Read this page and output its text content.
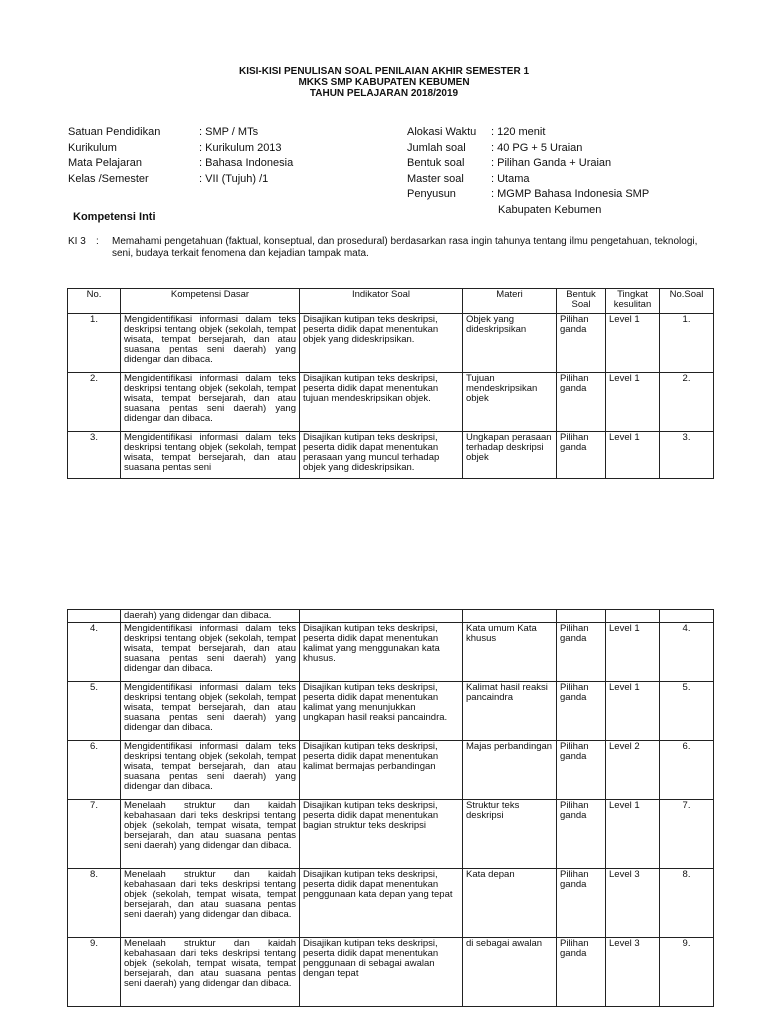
KISI-KISI PENULISAN SOAL PENILAIAN AKHIR SEMESTER 1
MKKS SMP KABUPATEN KEBUMEN
TAHUN PELAJARAN 2018/2019
Satuan Pendidikan	: SMP / MTs
Kurikulum	: Kurikulum 2013
Mata Pelajaran	: Bahasa Indonesia
Kelas /Semester	: VII (Tujuh) /1
Alokasi Waktu	: 120 menit
Jumlah soal	: 40 PG + 5 Uraian
Bentuk soal	: Pilihan Ganda + Uraian
Master soal	: Utama
Penyusun	: MGMP Bahasa Indonesia SMP
Kabupaten Kebumen
Kompetensi Inti
KI 3	:	Memahami pengetahuan (faktual, konseptual, dan prosedural) berdasarkan rasa ingin tahunya tentang ilmu pengetahuan, teknologi, seni, budaya terkait fenomena dan kejadian tampak mata.
No.	Kompetensi Dasar	Indikator Soal	Materi	Bentuk Soal	Tingkat kesulitan	No.Soal
1.	Mengidentifikasi informasi dalam teks deskripsi tentang objek (sekolah, tempat wisata, tempat bersejarah, dan atau suasana pentas seni daerah) yang didengar dan dibaca.	Disajikan kutipan teks deskripsi, peserta didik dapat menentukan objek yang dideskripsikan.	Objek yang dideskripsikan	Pilihan ganda	Level 1	1.
2.	Mengidentifikasi informasi dalam teks deskripsi tentang objek (sekolah, tempat wisata, tempat bersejarah, dan atau suasana pentas seni daerah) yang didengar dan dibaca.	Disajikan kutipan teks deskripsi, peserta didik dapat menentukan tujuan mendeskripsikan objek.	Tujuan mendeskripsikan objek	Pilihan ganda	Level 1	2.
3.	Mengidentifikasi informasi dalam teks deskripsi tentang objek (sekolah, tempat wisata, tempat bersejarah, dan atau suasana pentas seni	Disajikan kutipan teks deskripsi, peserta didik dapat menentukan perasaan yang muncul terhadap objek yang dideskripsikan.	Ungkapan perasaan terhadap deskripsi objek	Pilihan ganda	Level 1	3.
	daerah) yang didengar dan dibaca.					
4.	Mengidentifikasi informasi dalam teks deskripsi tentang objek (sekolah, tempat wisata, tempat bersejarah, dan atau suasana pentas seni daerah) yang didengar dan dibaca.	Disajikan kutipan teks deskripsi, peserta didik dapat menentukan kalimat yang menggunakan kata khusus.	Kata umum Kata khusus	Pilihan ganda	Level 1	4.
5.	Mengidentifikasi informasi dalam teks deskripsi tentang objek (sekolah, tempat wisata, tempat bersejarah, dan atau suasana pentas seni daerah) yang didengar dan dibaca.	Disajikan kutipan teks deskripsi, peserta didik dapat menentukan kalimat yang menunjukkan ungkapan hasil reaksi pancaindra.	Kalimat hasil reaksi pancaindra	Pilihan ganda	Level 1	5.
6.	Mengidentifikasi informasi dalam teks deskripsi tentang objek (sekolah, tempat wisata, tempat bersejarah, dan atau suasana pentas seni daerah) yang didengar dan dibaca.	Disajikan kutipan teks deskripsi, peserta didik dapat menentukan kalimat bermajas perbandingan	Majas perbandingan	Pilihan ganda	Level 2	6.
7.	Menelaah struktur dan kaidah kebahasaan dari teks deskripsi tentang objek (sekolah, tempat wisata, tempat bersejarah, dan atau suasana pentas seni daerah) yang didengar dan dibaca.	Disajikan kutipan teks deskripsi, peserta didik dapat menentukan bagian struktur teks deskripsi	Struktur teks deskripsi	Pilihan ganda	Level 1	7.
8.	Menelaah struktur dan kaidah kebahasaan dari teks deskripsi tentang objek (sekolah, tempat wisata, tempat bersejarah, dan atau suasana pentas seni daerah) yang didengar dan dibaca.	Disajikan kutipan teks deskripsi, peserta didik dapat menentukan penggunaan kata depan yang tepat	Kata depan	Pilihan ganda	Level 3	8.
9.	Menelaah struktur dan kaidah kebahasaan dari teks deskripsi tentang objek (sekolah, tempat wisata, tempat bersejarah, dan atau suasana pentas seni daerah) yang didengar dan dibaca.	Disajikan kutipan teks deskripsi, peserta didik dapat menentukan penggunaan di sebagai awalan dengan tepat	di sebagai awalan	Pilihan ganda	Level 3	9.
